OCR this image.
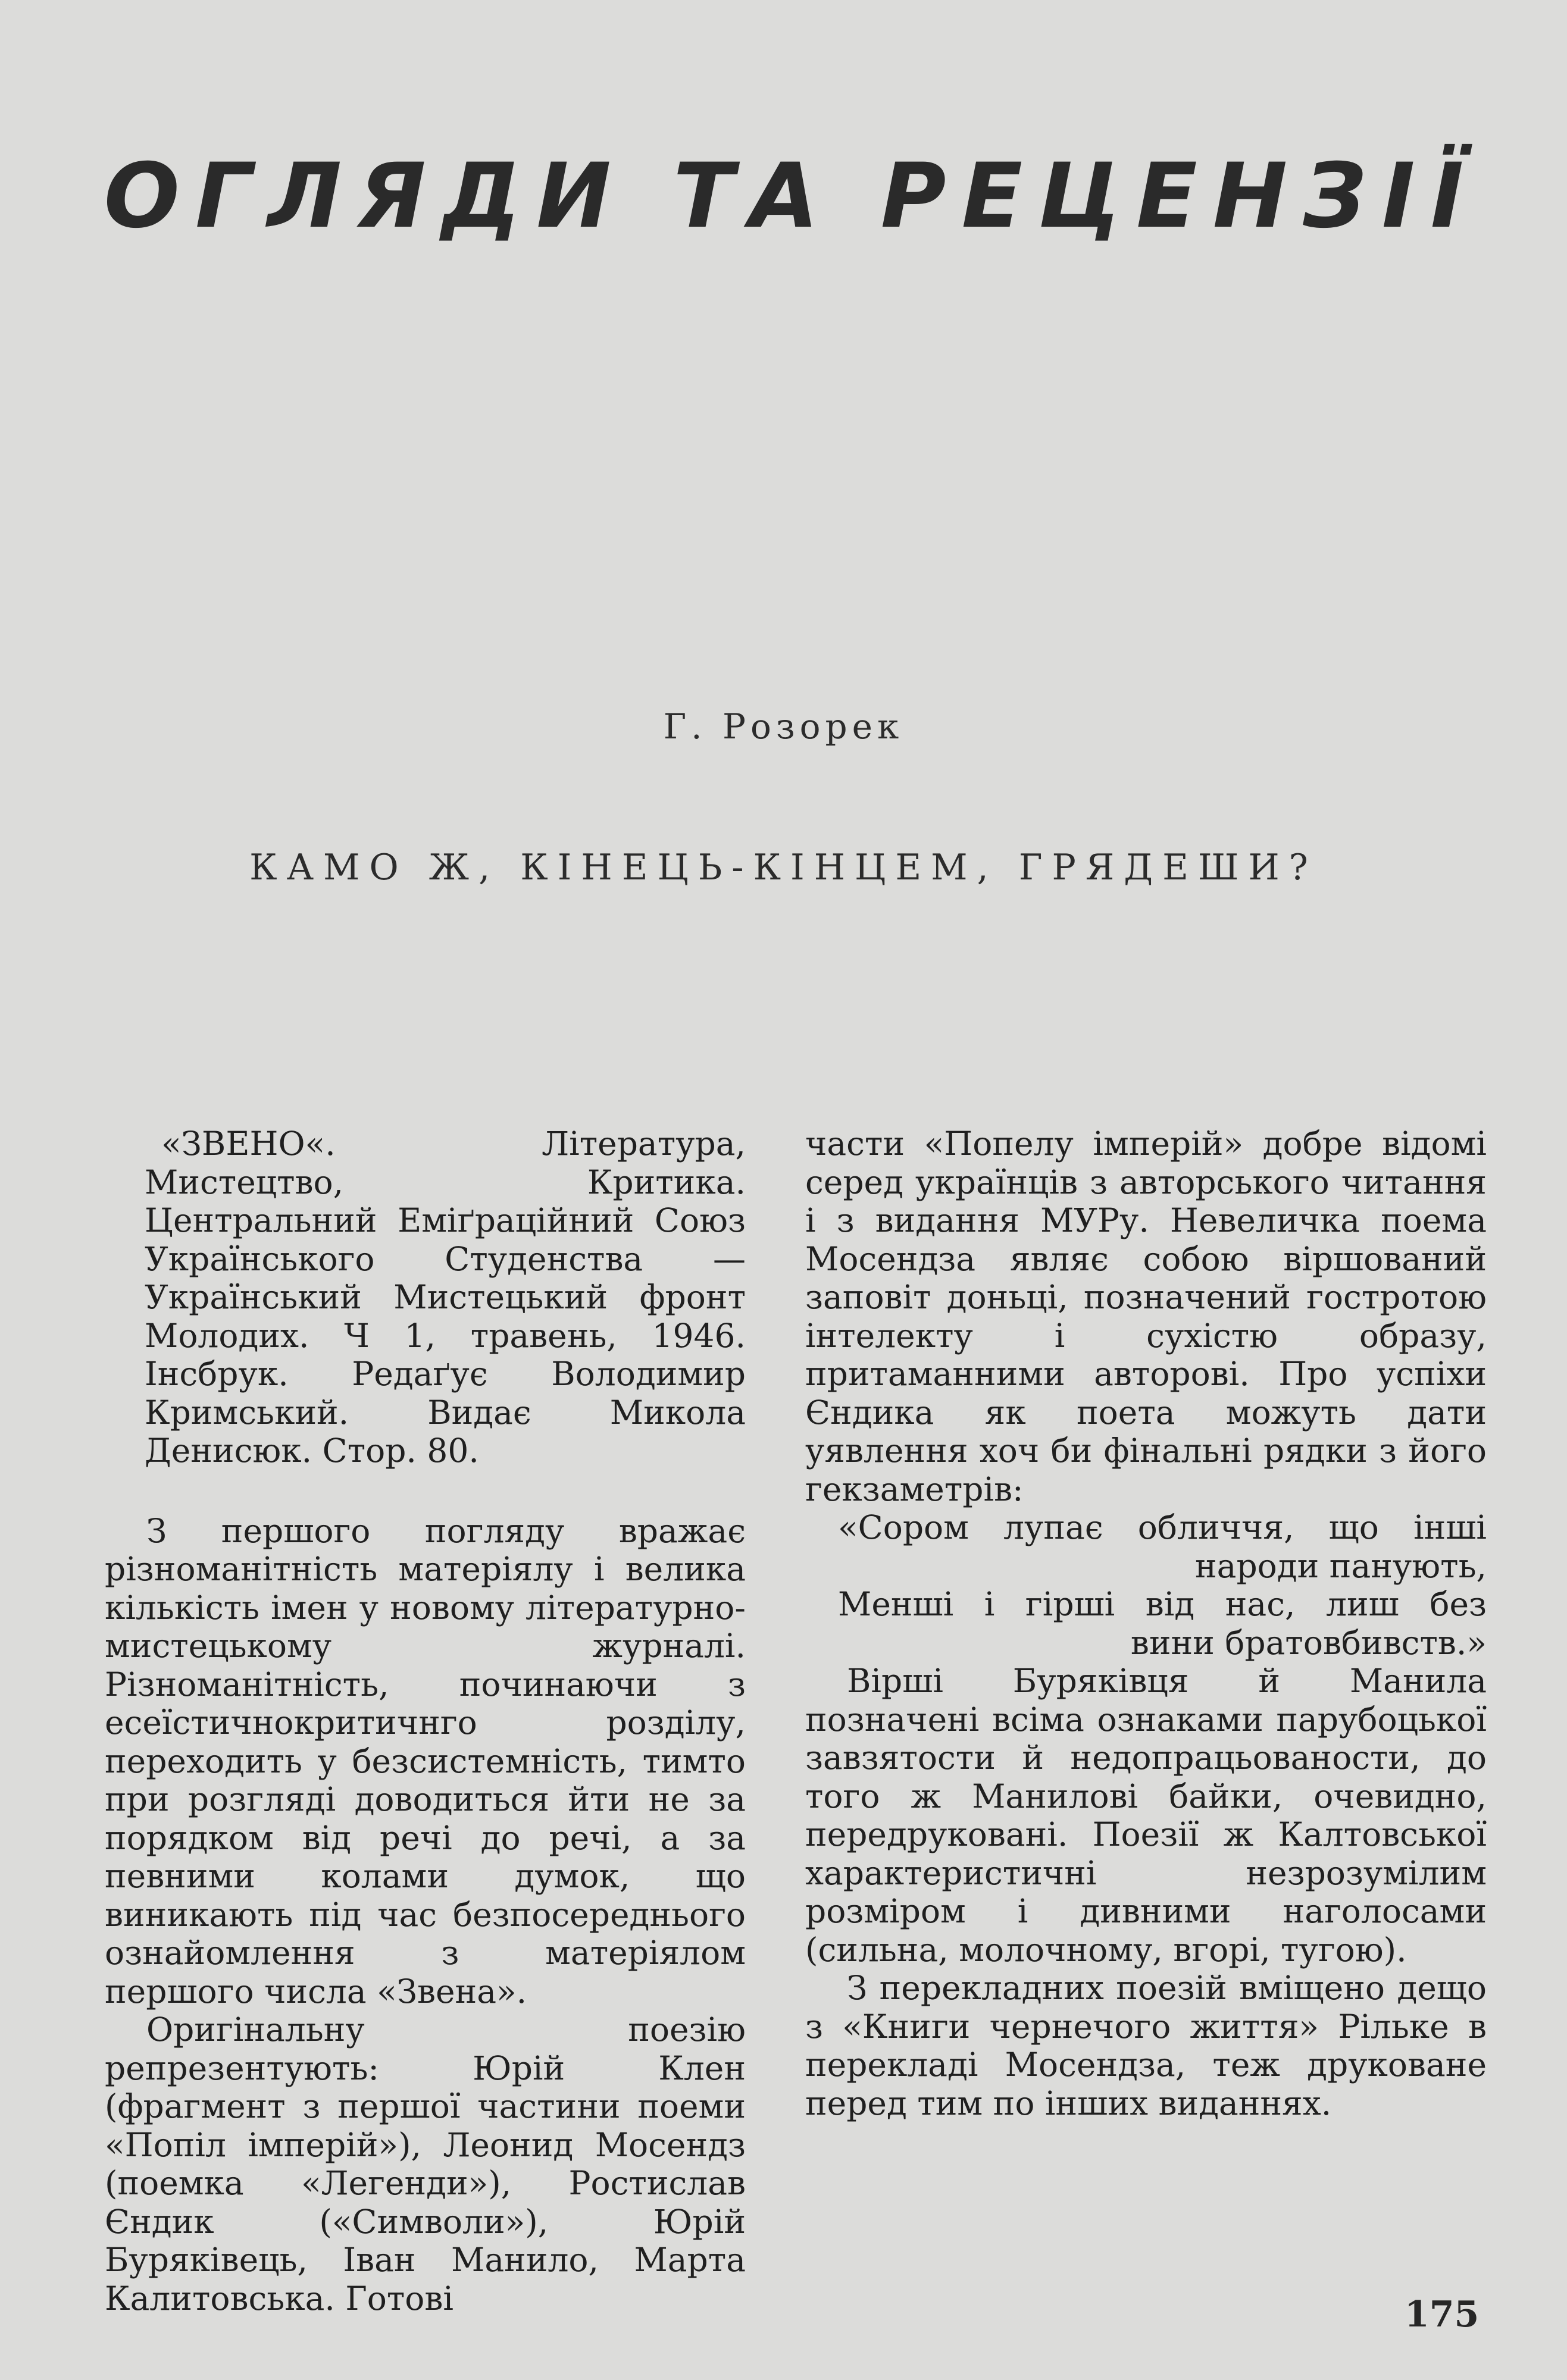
ОГЛЯДИ ТА РЕЦЕНЗІЇ
Г. Розорек
КАМО Ж, КІНЕЦЬ-КІНЦЕМ, ГРЯДЕШИ?

«ЗВЕНО«. Література, Мистецтво, Критика. Центральний Еміґраційний Союз Українського Студенства — Український Мистецький фронт Молодих. Ч 1, травень, 1946. Інсбрук. Редаґує Володимир Кримський. Видає Микола Денисюк. Стор. 80.

З першого погляду вражає різноманітність матеріялу і велика кількість імен у новому літературно-мистецькому журналі. Різноманітність, починаючи з есеїстичнокритичнго розділу, переходить у безсистемність, тимто при розгляді доводиться йти не за порядком від речі до речі, а за певними колами думок, що виникають під час безпосереднього ознайомлення з матеріялом першого числа «Звена».

Оригінальну поезію репрезентують: Юрій Клен (фрагмент з першої частини поеми «Попіл імперій»), Леонид Мосендз (поемка «Легенди»), Ростислав Єндик («Символи»), Юрій Буряківець, Іван Манило, Марта Калитовська. Готові

части «Попелу імперій» добре відомі серед українців з авторського читання і з видання МУРу. Невеличка поема Мосендза являє собою віршований заповіт доньці, позначений гостротою інтелекту і сухістю образу, притаманними авторові. Про успіхи Єндика як поета можуть дати уявлення хоч би фінальні рядки з його гекзаметрів:

«Сором лупає обличчя, що інші

народи панують,

Менші і гірші від нас, лиш без

вини братовбивств.»

Вірші Буряківця й Манила позначені всіма ознаками парубоцької завзятости й недопрацьованости, до того ж Манилові байки, очевидно, передруковані. Поезії ж Калтовської характеристичні незрозумілим розміром і дивними наголосами (сильна, молочному, вгорі, тугою).

З перекладних поезій вміщено дещо з «Книги чернечого життя» Рільке в перекладі Мосендза, теж друковане перед тим по інших виданнях.

175
